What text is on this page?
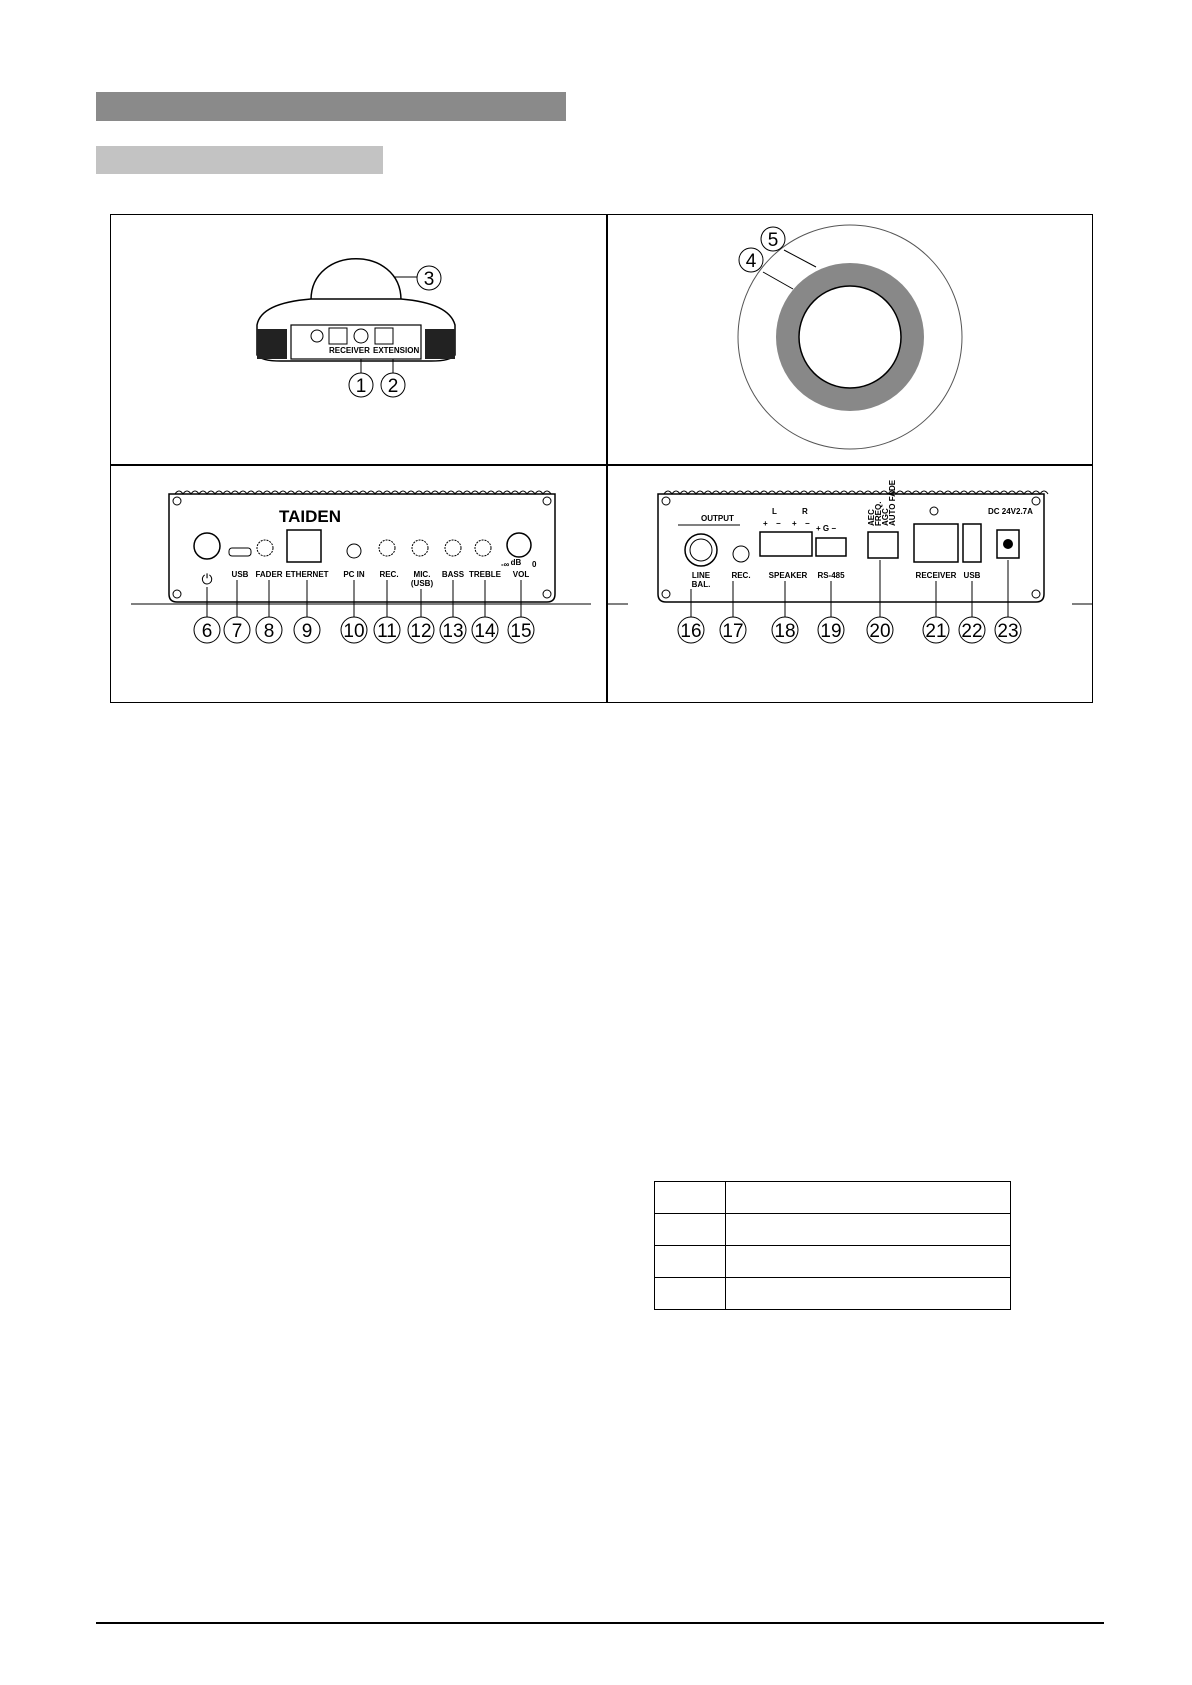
RECEIVER EXTENSION
3
1 2
4
5
TAIDEN
⏻ USB FADER ETHERNET PC IN REC. MIC.
(USB)
BASS TREBLE VOL
dB
-∞	0
6 7 8 9 10 11 12 13 14 15
OUTPUT
L	R
+ − + −
+ G −
AEC
FREQ.
AGC
AUTO FADE	DC 24V2.7A
LINE
BAL.
REC. SPEAKER RS-485	RECEIVER USB
16 17 18 19 20 21 22 23
